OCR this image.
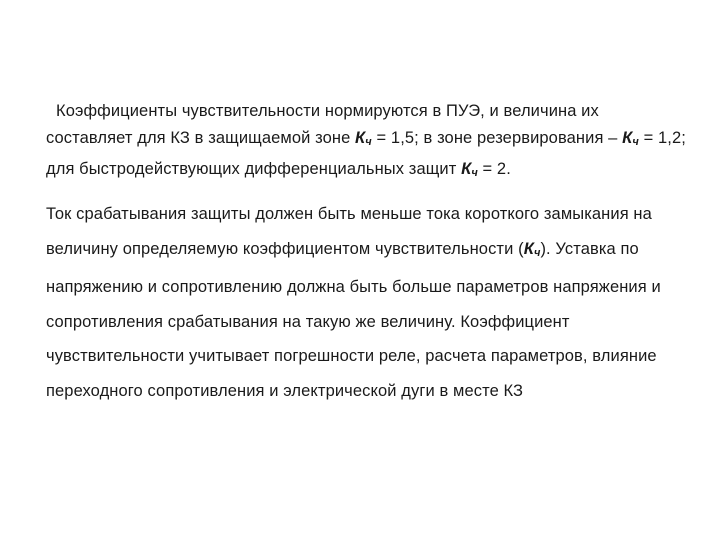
Коэффициенты чувствительности нормируются в ПУЭ, и величина их составляет для КЗ в защищаемой зоне Кч = 1,5; в зоне резервирования – Кч = 1,2; для быстродействующих дифференциальных защит Кч = 2.

Ток срабатывания защиты должен быть меньше тока короткого замыкания на величину определяемую коэффициентом чувствительности (Кч). Уставка по напряжению и сопротивлению должна быть больше параметров напряжения и сопротивления срабатывания на такую же величину. Коэффициент чувствительности учитывает погрешности реле, расчета параметров, влияние переходного сопротивления и электрической дуги в месте КЗ
